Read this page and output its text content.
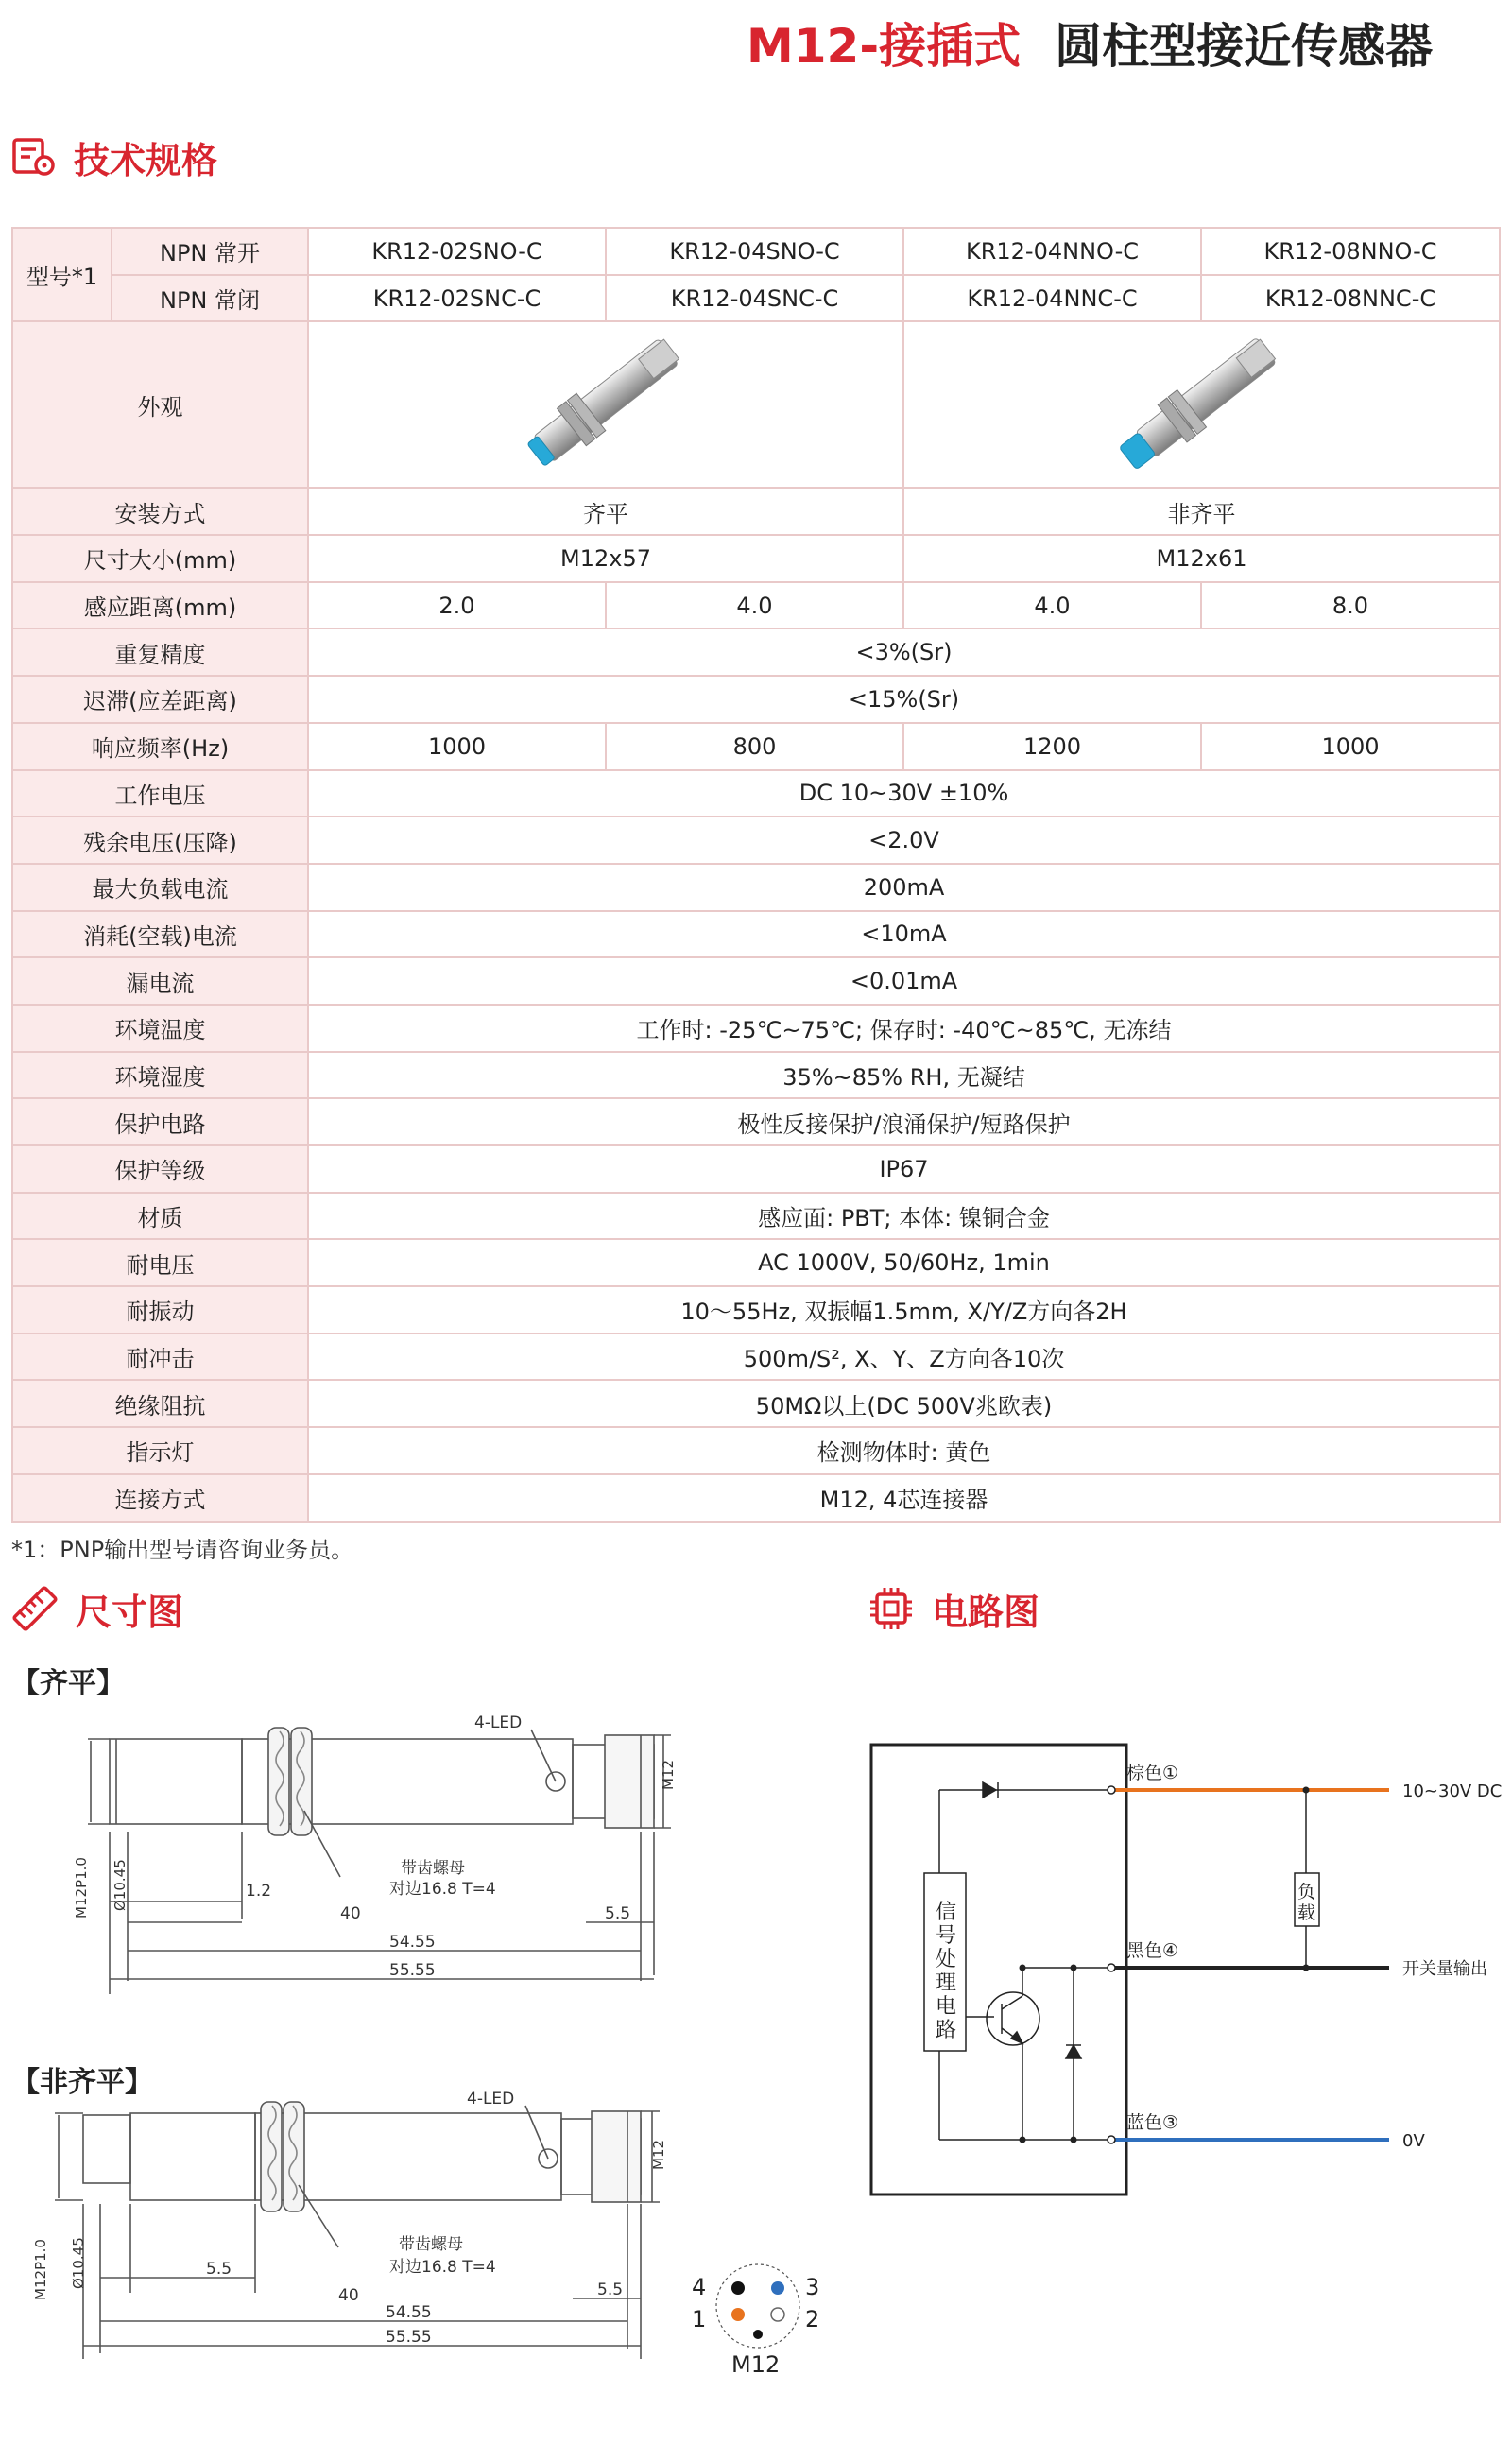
M12-接插式 圆柱型接近传感器
技术规格
型号*1	NPN 常开	KR12-02SNO-C	KR12-04SNO-C	KR12-04NNO-C	KR12-08NNO-C
	NPN 常闭	KR12-02SNC-C	KR12-04SNC-C	KR12-04NNC-C	KR12-08NNC-C
外观		
安装方式		齐平		非齐平	
尺寸大小(mm)		M12x57		M12x61	
感应距离(mm)		2.0	4.0	4.0	8.0
重复精度		<3%(Sr)			
迟滞(应差距离)		<15%(Sr)			
响应频率(Hz)		1000	800	1200	1000
工作电压		DC 10~30V ±10%			
残余电压(压降)		<2.0V			
最大负载电流		200mA			
消耗(空载)电流		<10mA			
漏电流		<0.01mA			
环境温度		工作时: -25℃~75℃; 保存时: -40℃~85℃, 无冻结			
环境湿度		35%~85% RH, 无凝结			
保护电路		极性反接保护/浪涌保护/短路保护			
保护等级		IP67			
材质		感应面: PBT; 本体: 镍铜合金			
耐电压		AC 1000V, 50/60Hz, 1min			
耐振动		10～55Hz, 双振幅1.5mm, X/Y/Z方向各2H			
耐冲击		500m/S², X、Y、Z方向各10次			
绝缘阻抗		50MΩ以上(DC 500V兆欧表)			
指示灯		检测物体时: 黄色			
连接方式		M12, 4芯连接器			
*1：PNP输出型号请咨询业务员。
尺寸图	电路图
【齐平】
4-LED
M12
M12P1.0 Ø10.45	带齿螺母
对边16.8 T=4
1.2
40	5.5
54.55
55.55
【非齐平】	4-LED
M12
M12P1.0 Ø10.45	带齿螺母
对边16.8 T=4
5.5
40	5.5
54.55
55.55
4	3
1	2
M12
信 号 处 理 电 路
负 载
棕色①
黑色④
蓝色③
10~30V DC
开关量输出
0V
